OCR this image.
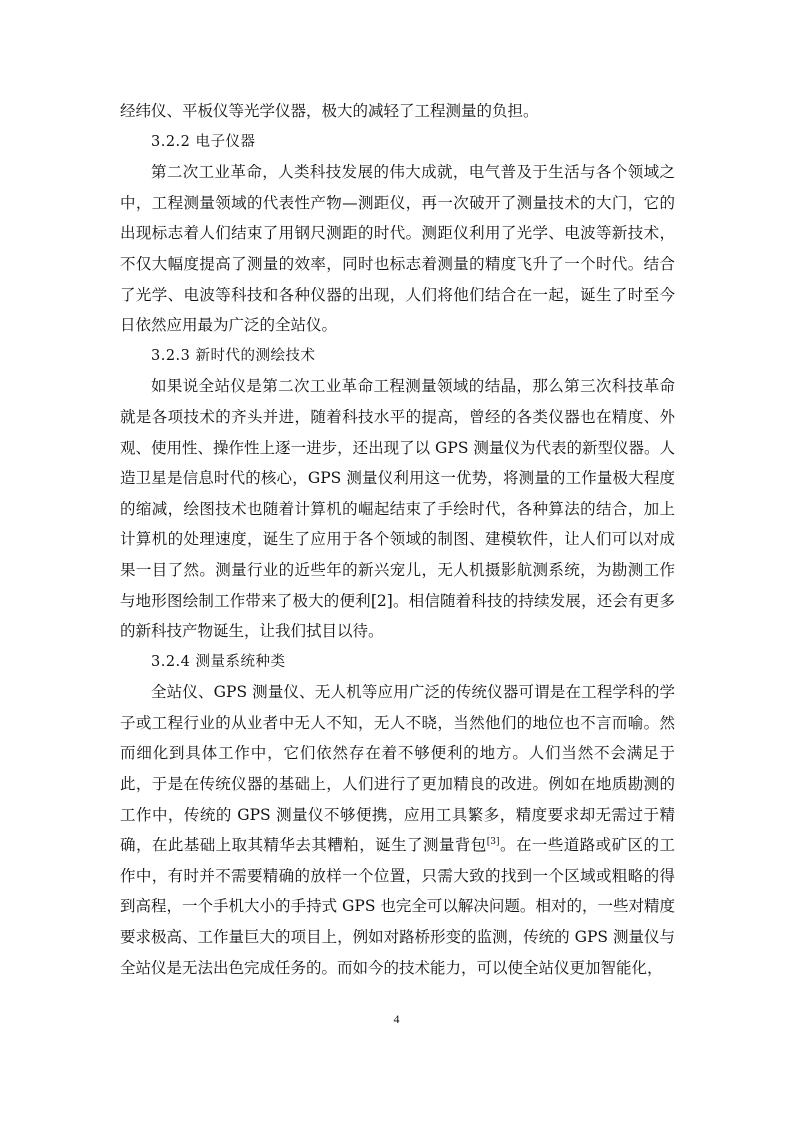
经纬仪、平板仪等光学仪器，极大的减轻了工程测量的负担。

3.2.2 电子仪器

第二次工业革命，人类科技发展的伟大成就，电气普及于生活与各个领域之中，工程测量领域的代表性产物—测距仪，再一次破开了测量技术的大门，它的出现标志着人们结束了用钢尺测距的时代。测距仪利用了光学、电波等新技术，不仅大幅度提高了测量的效率，同时也标志着测量的精度飞升了一个时代。结合了光学、电波等科技和各种仪器的出现，人们将他们结合在一起，诞生了时至今日依然应用最为广泛的全站仪。

3.2.3 新时代的测绘技术

如果说全站仪是第二次工业革命工程测量领域的结晶，那么第三次科技革命就是各项技术的齐头并进，随着科技水平的提高，曾经的各类仪器也在精度、外观、使用性、操作性上逐一进步，还出现了以 GPS 测量仪为代表的新型仪器。人造卫星是信息时代的核心，GPS 测量仪利用这一优势，将测量的工作量极大程度的缩减，绘图技术也随着计算机的崛起结束了手绘时代，各种算法的结合，加上计算机的处理速度，诞生了应用于各个领域的制图、建模软件，让人们可以对成果一目了然。测量行业的近些年的新兴宠儿，无人机摄影航测系统，为勘测工作与地形图绘制工作带来了极大的便利[2]。相信随着科技的持续发展，还会有更多的新科技产物诞生，让我们拭目以待。

3.2.4 测量系统种类

全站仪、GPS 测量仪、无人机等应用广泛的传统仪器可谓是在工程学科的学子或工程行业的从业者中无人不知，无人不晓，当然他们的地位也不言而喻。然而细化到具体工作中，它们依然存在着不够便利的地方。人们当然不会满足于此，于是在传统仪器的基础上，人们进行了更加精良的改进。例如在地质勘测的工作中，传统的 GPS 测量仪不够便携，应用工具繁多，精度要求却无需过于精确，在此基础上取其精华去其糟粕，诞生了测量背包[3]。在一些道路或矿区的工作中，有时并不需要精确的放样一个位置，只需大致的找到一个区域或粗略的得到高程，一个手机大小的手持式 GPS 也完全可以解决问题。相对的，一些对精度要求极高、工作量巨大的项目上，例如对路桥形变的监测，传统的 GPS 测量仪与全站仪是无法出色完成任务的。而如今的技术能力，可以使全站仪更加智能化，

4
